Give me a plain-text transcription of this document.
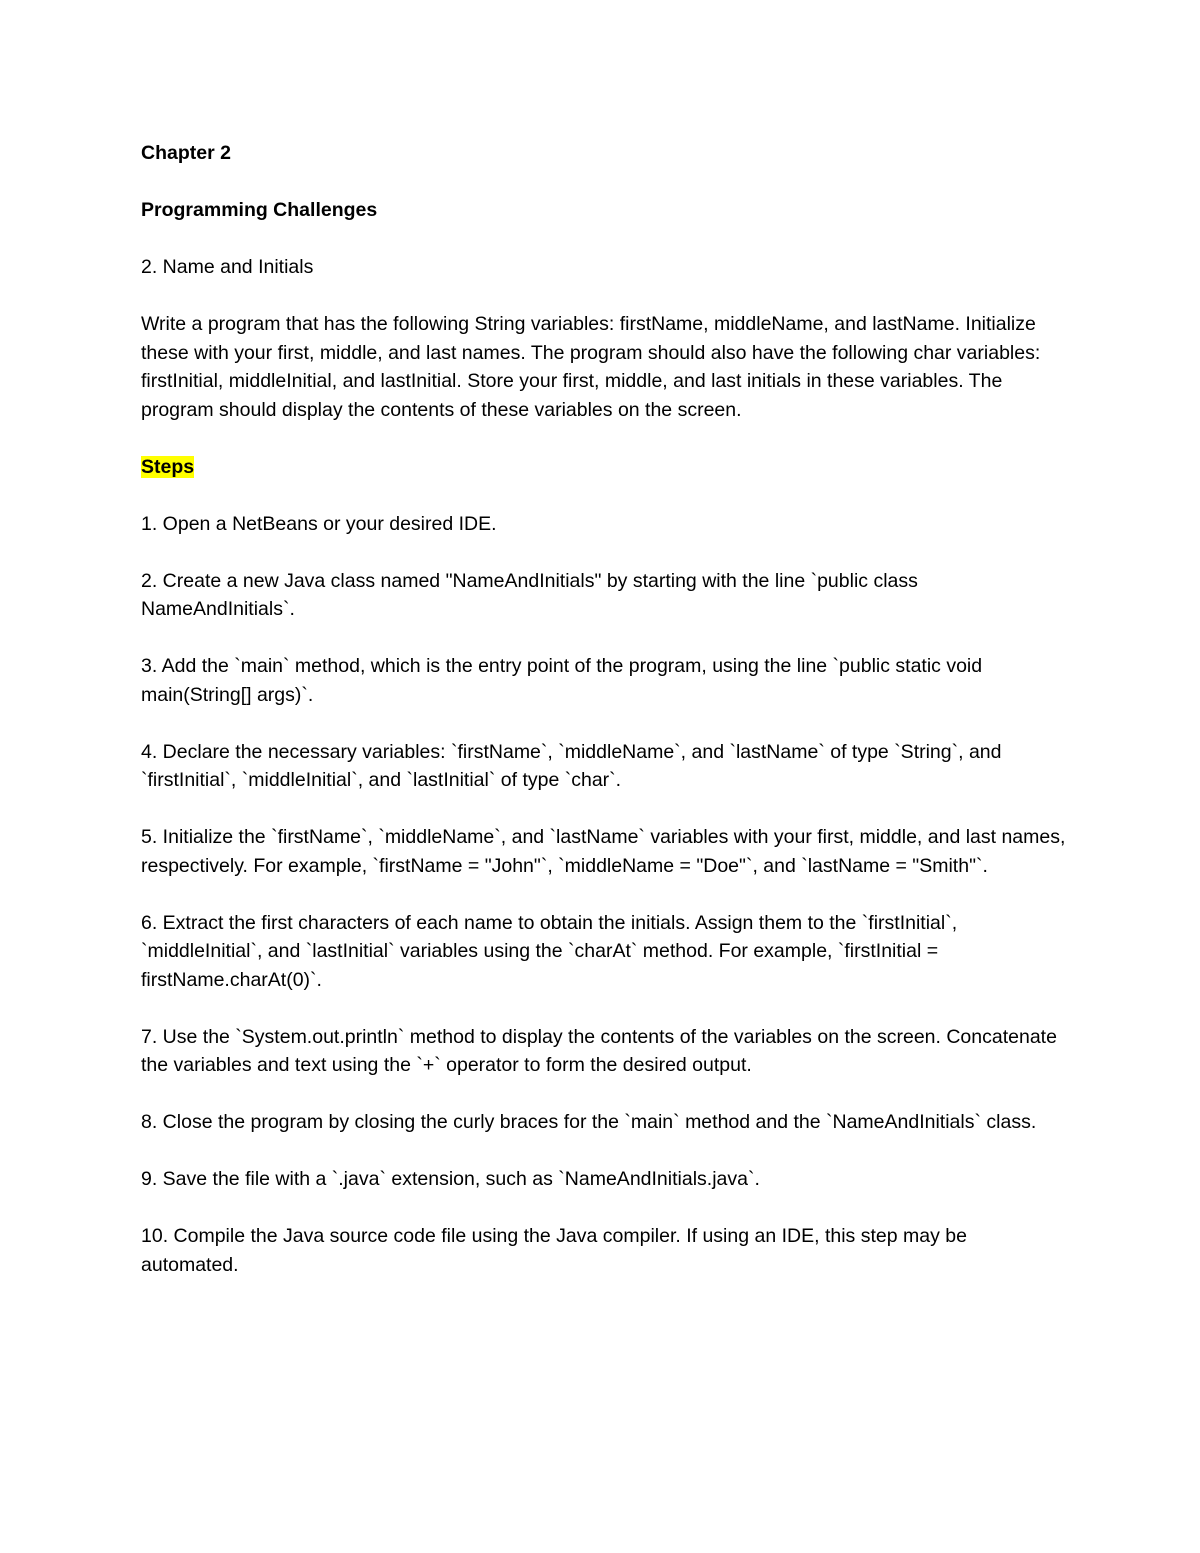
Chapter 2
Programming Challenges
2. Name and Initials
Write a program that has the following String variables: firstName, middleName, and lastName. Initialize these with your first, middle, and last names. The program should also have the following char variables: firstInitial, middleInitial, and lastInitial. Store your first, middle, and last initials in these variables. The program should display the contents of these variables on the screen.
Steps
1. Open a NetBeans or your desired IDE.
2. Create a new Java class named "NameAndInitials" by starting with the line `public class NameAndInitials`.
3. Add the `main` method, which is the entry point of the program, using the line `public static void main(String[] args)`.
4. Declare the necessary variables: `firstName`, `middleName`, and `lastName` of type `String`, and `firstInitial`, `middleInitial`, and `lastInitial` of type `char`.
5. Initialize the `firstName`, `middleName`, and `lastName` variables with your first, middle, and last names, respectively. For example, `firstName = "John"`, `middleName = "Doe"`, and `lastName = "Smith"`.
6. Extract the first characters of each name to obtain the initials. Assign them to the `firstInitial`, `middleInitial`, and `lastInitial` variables using the `charAt` method. For example, `firstInitial = firstName.charAt(0)`.
7. Use the `System.out.println` method to display the contents of the variables on the screen. Concatenate the variables and text using the `+` operator to form the desired output.
8. Close the program by closing the curly braces for the `main` method and the `NameAndInitials` class.
9. Save the file with a `.java` extension, such as `NameAndInitials.java`.
10. Compile the Java source code file using the Java compiler. If using an IDE, this step may be automated.
